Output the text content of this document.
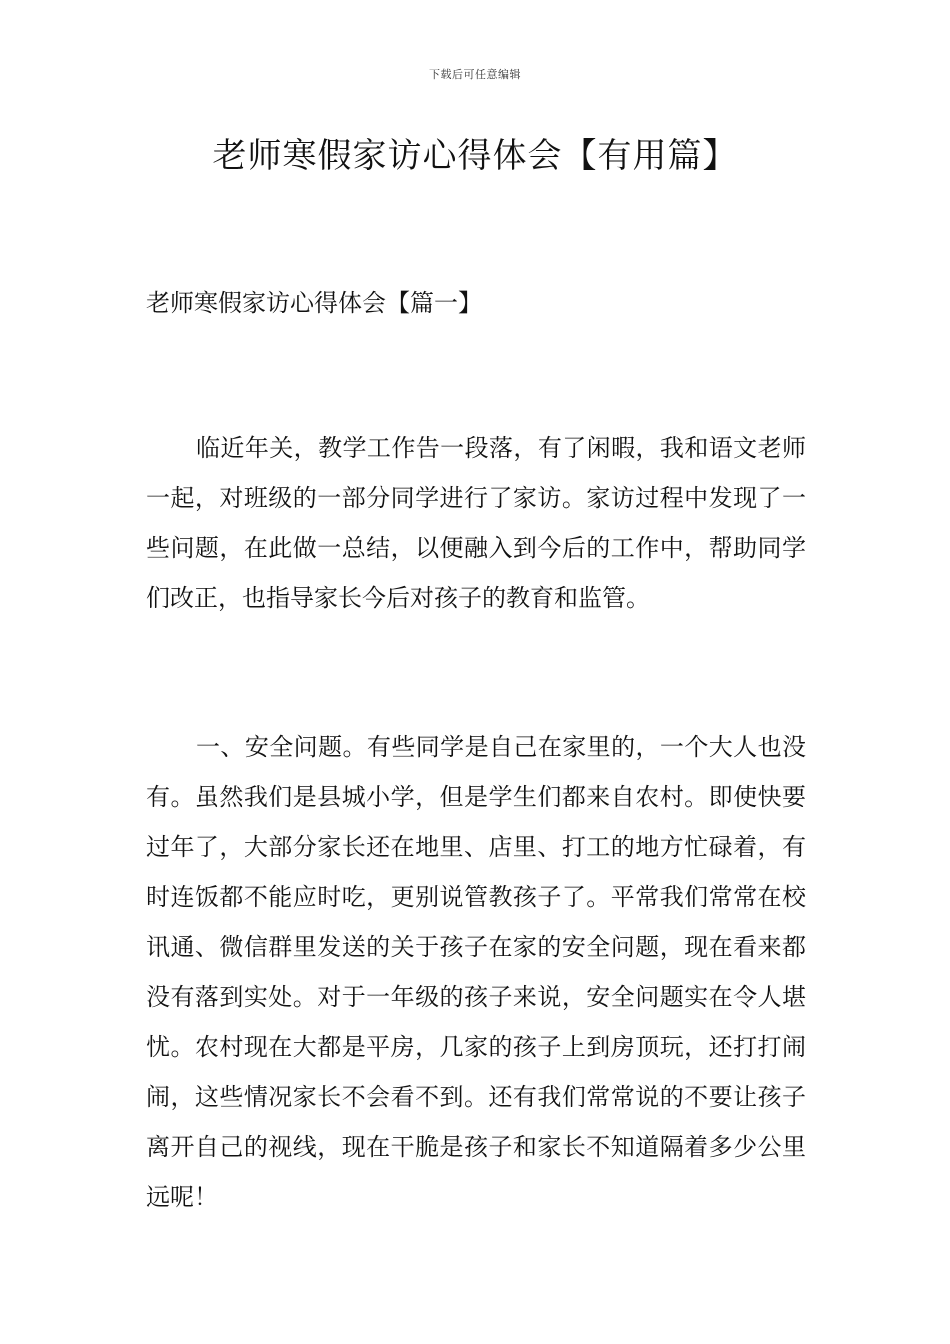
下载后可任意编辑
老师寒假家访心得体会【有用篇】
老师寒假家访心得体会【篇一】

临近年关，教学工作告一段落，有了闲暇，我和语文老师一起，对班级的一部分同学进行了家访。家访过程中发现了一些问题，在此做一总结，以便融入到今后的工作中，帮助同学们改正，也指导家长今后对孩子的教育和监管。

一、安全问题。有些同学是自己在家里的，一个大人也没有。虽然我们是县城小学，但是学生们都来自农村。即使快要过年了，大部分家长还在地里、店里、打工的地方忙碌着，有时连饭都不能应时吃，更别说管教孩子了。平常我们常常在校讯通、微信群里发送的关于孩子在家的安全问题，现在看来都没有落到实处。对于一年级的孩子来说，安全问题实在令人堪忧。农村现在大都是平房，几家的孩子上到房顶玩，还打打闹闹，这些情况家长不会看不到。还有我们常常说的不要让孩子离开自己的视线，现在干脆是孩子和家长不知道隔着多少公里远呢！
